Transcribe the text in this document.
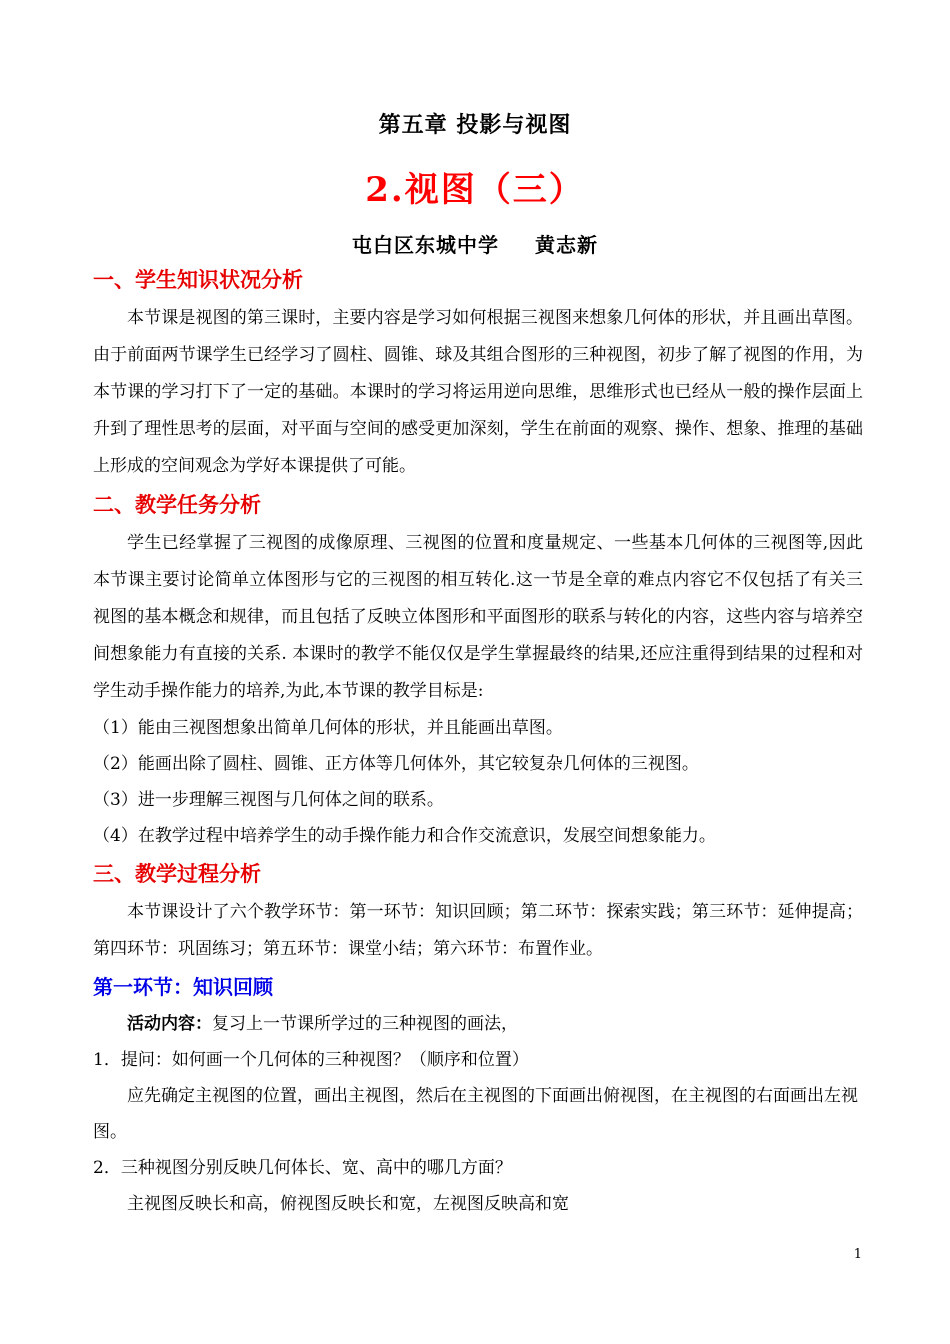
第五章 投影与视图
2.视图（三）
屯白区东城中学 黄志新

一、学生知识状况分析

本节课是视图的第三课时，主要内容是学习如何根据三视图来想象几何体的形状，并且画出草图。由于前面两节课学生已经学习了圆柱、圆锥、球及其组合图形的三种视图，初步了解了视图的作用，为本节课的学习打下了一定的基础。本课时的学习将运用逆向思维，思维形式也已经从一般的操作层面上升到了理性思考的层面，对平面与空间的感受更加深刻，学生在前面的观察、操作、想象、推理的基础上形成的空间观念为学好本课提供了可能。

二、教学任务分析

学生已经掌握了三视图的成像原理、三视图的位置和度量规定、一些基本几何体的三视图等,因此本节课主要讨论简单立体图形与它的三视图的相互转化.这一节是全章的难点内容它不仅包括了有关三视图的基本概念和规律，而且包括了反映立体图形和平面图形的联系与转化的内容，这些内容与培养空间想象能力有直接的关系. 本课时的教学不能仅仅是学生掌握最终的结果,还应注重得到结果的过程和对学生动手操作能力的培养,为此,本节课的教学目标是:

（1）能由三视图想象出简单几何体的形状，并且能画出草图。

（2）能画出除了圆柱、圆锥、正方体等几何体外，其它较复杂几何体的三视图。

（3）进一步理解三视图与几何体之间的联系。

（4）在教学过程中培养学生的动手操作能力和合作交流意识，发展空间想象能力。

三、教学过程分析

本节课设计了六个教学环节：第一环节：知识回顾；第二环节：探索实践；第三环节：延伸提高；第四环节：巩固练习；第五环节：课堂小结；第六环节：布置作业。

第一环节：知识回顾

活动内容：复习上一节课所学过的三种视图的画法，

1．提问：如何画一个几何体的三种视图？（顺序和位置）

应先确定主视图的位置，画出主视图，然后在主视图的下面画出俯视图，在主视图的右面画出左视图。

2．三种视图分别反映几何体长、宽、高中的哪几方面？

主视图反映长和高，俯视图反映长和宽，左视图反映高和宽

1
